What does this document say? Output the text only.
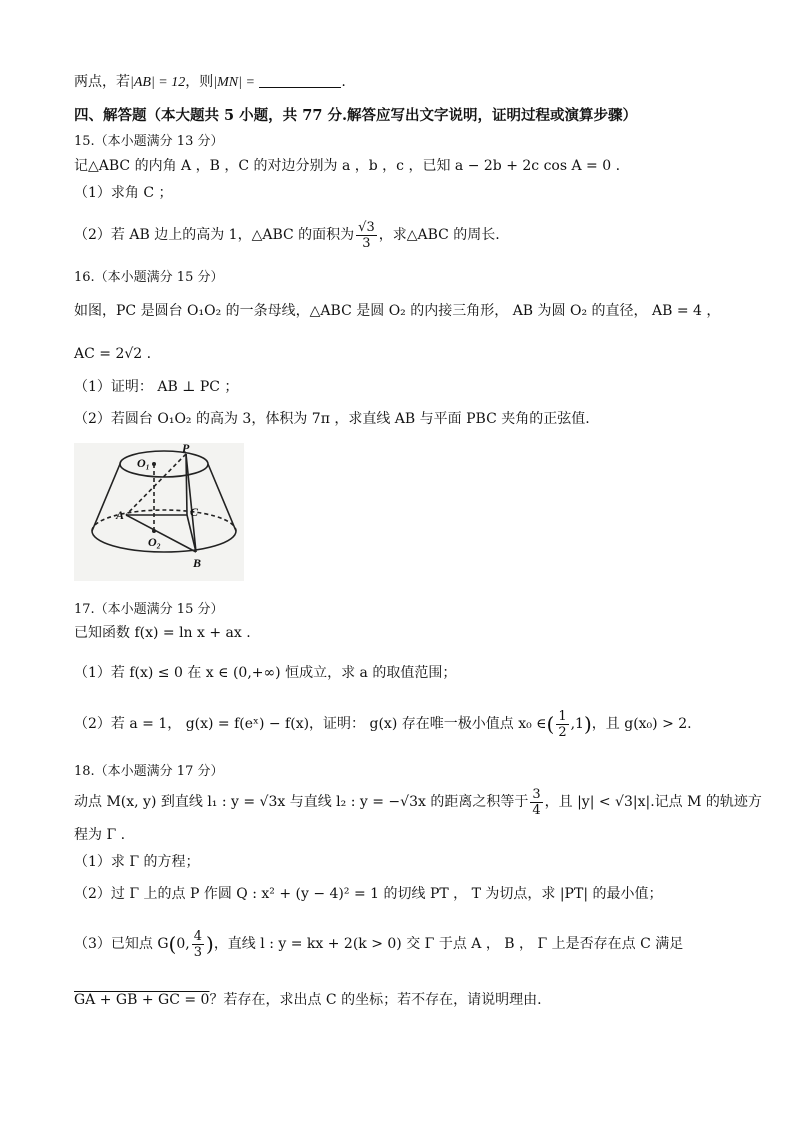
两点，若|AB| = 12，则|MN| =	.
四、解答题（本大题共 5 小题，共 77 分.解答应写出文字说明，证明过程或演算步骤）
15.（本小题满分 13 分）
记△ABC 的内角 A ，B ，C 的对边分别为 a ，b ，c ，已知 a − 2b + 2c cos A = 0 .
（1）求角 C ；
（2）若 AB 边上的高为 1，△ABC 的面积为 $\frac{√3}{3}$ ，求△ABC 的周长.
16.（本小题满分 15 分）
如图，PC 是圆台 O₁O₂ 的一条母线，△ABC 是圆 O₂ 的内接三角形， AB 为圆 O₂ 的直径， AB = 4 ，
AC = 2√2 .
（1）证明： AB ⊥ PC ；
（2）若圆台 O₁O₂ 的高为 3，体积为 7π ，求直线 AB 与平面 PBC 夹角的正弦值.
P
O₁
A	C
O₂
B
17.（本小题满分 15 分）
已知函数 f(x) = ln x + ax .
（1）若 f(x) ≤ 0 在 x ∈ (0,+∞) 恒成立，求 a 的取值范围；
（2）若 a = 1， g(x) = f(eˣ) − f(x)，证明： g(x) 存在唯一极小值点 x₀ ∈( $\frac{1}{2} ,1$)，且 g(x₀) > 2.
18.（本小题满分 17 分）
动点 M(x, y) 到直线 l₁ : y = √3x 与直线 l₂ : y = −√3x 的距离之积等于 $\frac{3}{4}$ ，且 |y| < √3|x|.记点 M 的轨迹方
程为 Γ .
（1）求 Γ 的方程；
（2）过 Γ 上的点 P 作圆 Q : x² + (y − 4)² = 1 的切线 PT ， T 为切点，求 |PT| 的最小值；
（3）已知点 G(0, $\frac{4}{3}$ )，直线 l : y = kx + 2(k > 0) 交 Γ 于点 A ， B ， Γ 上是否存在点 C 满足
GA + GB + GC = 0？若存在，求出点 C 的坐标；若不存在，请说明理由.
